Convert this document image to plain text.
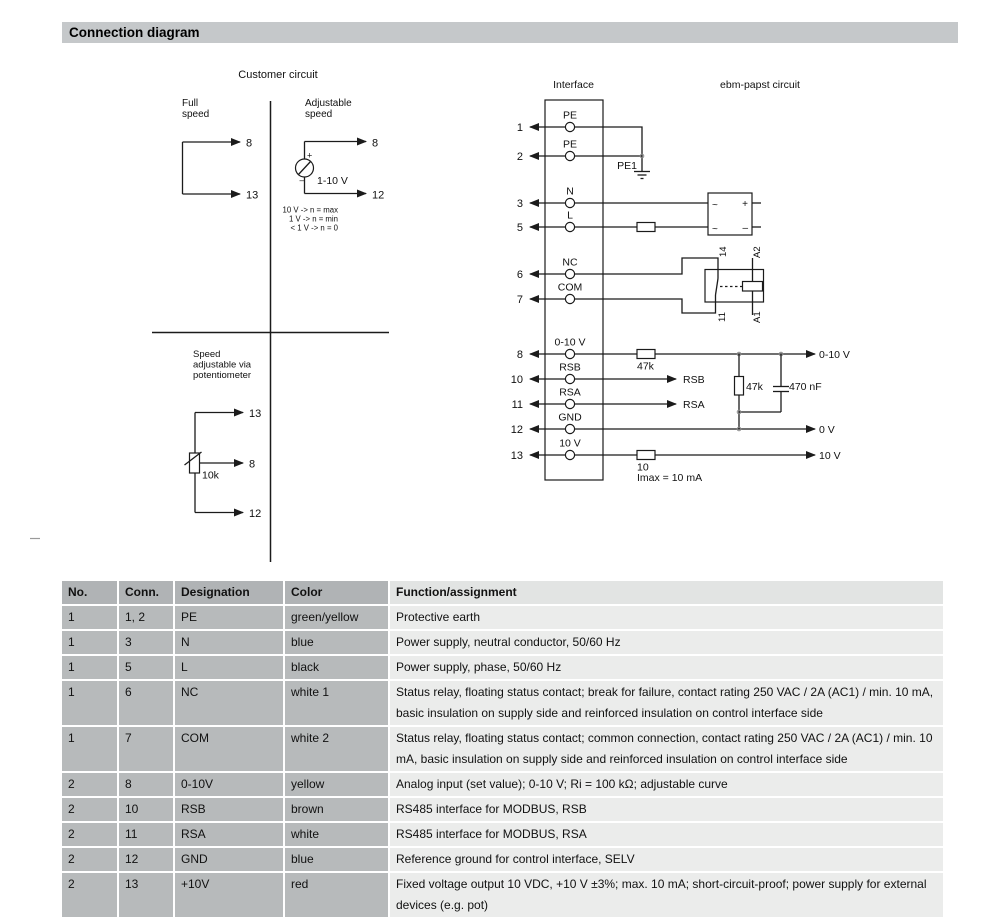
Connection diagram
Customer circuit
Full
speed
8
13
Adjustable
speed
+
– 1-10 V
8
12
10 V -> n = max
1 V -> n = min
< 1 V -> n = 0
Speed
adjustable via
potentiometer
13
8
12
10k
Interface
PE
1
PE
2
N
3
L
5
NC
6
COM
7
0-10 V
8
RSB
10
RSA
11
GND
12
10 V
13
ebm-papst circuit
PE1
~ +
~ –
14
11
A2
A1
47k
0-10 V
47k 470 nF
RSB
RSA
0 V
10
Imax = 10 mA
10 V
No.	Conn.	Designation	Color	Function/assignment
1	1, 2	PE	green/yellow	Protective earth
1	3	N	blue	Power supply, neutral conductor, 50/60 Hz
1	5	L	black	Power supply, phase, 50/60 Hz
1	6	NC	white 1	Status relay, floating status contact; break for failure, contact rating 250 VAC / 2A (AC1) / min. 10 mA, basic insulation on supply side and reinforced insulation on control interface side
1	7	COM	white 2	Status relay, floating status contact; common connection, contact rating 250 VAC / 2A (AC1) / min. 10 mA, basic insulation on supply side and reinforced insulation on control interface side
2	8	0-10V	yellow	Analog input (set value); 0-10 V; Ri = 100 kΩ; adjustable curve
2	10	RSB	brown	RS485 interface for MODBUS, RSB
2	11	RSA	white	RS485 interface for MODBUS, RSA
2	12	GND	blue	Reference ground for control interface, SELV
2	13	+10V	red	Fixed voltage output 10 VDC, +10 V ±3%; max. 10 mA; short-circuit-proof; power supply for external devices (e.g. pot)
